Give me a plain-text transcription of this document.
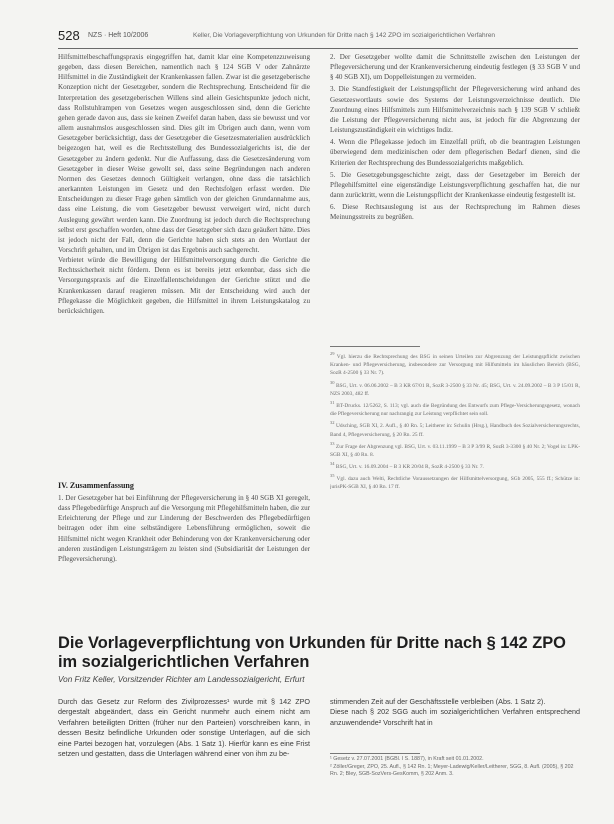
528 NZS · Heft 10/2006	Keller, Die Vorlageverpflichtung von Urkunden für Dritte nach § 142 ZPO im sozialgerichtlichen Verfahren

Hilfsmittelbeschaffungspraxis eingegriffen hat, damit klar eine Kompetenzzuweisung gegeben, dass diesen Bereichen, namentlich nach § 124 SGB V oder Zahnärzte Hilfsmittel in die Zuständigkeit der Krankenkassen fallen. Zwar ist die gesetzgeberische Konzeption nicht der Gesetzgeber, sondern die Rechtsprechung. Entscheidend für die Interpretation des gesetzgeberischen Willens sind allein Gesichtspunkte jedoch nicht, dass Rollstuhlrampen von Gesetzes wegen ausgeschlossen sind, denn die Gerichte gehen gerade davon aus, dass sie keinen Zweifel daran haben, dass sie bewusst und vor allem ausnahmslos ausgeschlossen sind. Dies gilt im Übrigen auch dann, wenn vom Gesetzgeber berücksichtigt, dass der Gesetzgeber die Gesetzesmaterialien ausdrücklich beigezogen hat, weil es die Rechtsstellung des Bundessozialgerichts ist, die der Gesetzgeber zu ändern gedenkt. Nur die Auffassung, dass die Gesetzesänderung vom Gesetzgeber in dieser Weise gewollt sei, dass seine Begründungen nach anderen Normen des Gesetzes dennoch Gültigkeit verlangen, ohne dass die tatsächlich anerkannten Leistungen im Gesetz und den Rechtsfolgen erfasst werden. Die Entscheidungen zu dieser Frage gehen sämtlich von der gleichen Grundannahme aus, dass eine Leistung, die vom Gesetzgeber bewusst verweigert wird, nicht durch Auslegung gewährt werden kann. Die Zuordnung ist jedoch durch die Rechtsprechung selbst erst geschaffen worden, ohne dass der Gesetzgeber sich dazu geäußert hätte. Dies ist jedoch nicht der Fall, denn die Gerichte haben sich stets an den Wortlaut der Vorschrift gehalten, und im Übrigen ist das Ergebnis auch sachgerecht.

Verbietet würde die Bewilligung der Hilfsmittelversorgung durch die Gerichte die Rechtssicherheit nicht fördern. Denn es ist bereits jetzt erkennbar, dass sich die Versorgungspraxis auf die Einzelfallentscheidungen der Gerichte stützt und die Krankenkassen darauf reagieren müssen. Mit der Entscheidung wird auch der Pflegekasse die Möglichkeit gegeben, die Hilfsmittel in ihrem Leistungskatalog zu berücksichtigen.

IV. Zusammenfassung

1. Der Gesetzgeber hat bei Einführung der Pflegeversicherung in § 40 SGB XI geregelt, dass Pflegebedürftige Anspruch auf die Versorgung mit Pflegehilfsmitteln haben, die zur Erleichterung der Pflege und zur Linderung der Beschwerden des Pflegebedürftigen beitragen oder ihm eine selbständigere Lebensführung ermöglichen, soweit die Hilfsmittel nicht wegen Krankheit oder Behinderung von der Krankenversicherung oder anderen zuständigen Leistungsträgern zu leisten sind (Subsidiarität der Leistungen der Pflegeversicherung).

2. Der Gesetzgeber wollte damit die Schnittstelle zwischen den Leistungen der Pflegeversicherung und der Krankenversicherung eindeutig festlegen (§ 33 SGB V und § 40 SGB XI), um Doppelleistungen zu vermeiden.

3. Die Standfestigkeit der Leistungspflicht der Pflegeversicherung wird anhand des Gesetzeswortlauts sowie des Systems der Leistungsverzeichnisse deutlich. Die Zuordnung eines Hilfsmittels zum Hilfsmittelverzeichnis nach § 139 SGB V schließt die Leistung der Pflegeversicherung nicht aus, ist jedoch für die Abgrenzung der Leistungszuständigkeit ein wichtiges Indiz.

4. Wenn die Pflegekasse jedoch im Einzelfall prüft, ob die beantragten Leistungen überwiegend dem medizinischen oder dem pflegerischen Bedarf dienen, sind die Kriterien der Rechtsprechung des Bundessozialgerichts maßgeblich.

5. Die Gesetzgebungsgeschichte zeigt, dass der Gesetzgeber im Bereich der Pflegehilfsmittel eine eigenständige Leistungsverpflichtung geschaffen hat, die nur dann zurücktritt, wenn die Leistungspflicht der Krankenkasse eindeutig festgestellt ist.

6. Diese Rechtsauslegung ist aus der Rechtsprechung im Rahmen dieses Meinungsstreits zu begrüßen.

$^{29}$ Vgl. hierzu die Rechtsprechung des BSG in seinen Urteilen zur Abgrenzung der Leistungspflicht zwischen Kranken- und Pflegeversicherung, insbesondere zur Versorgung mit Hilfsmitteln im häuslichen Bereich (BSG, SozR 4-2500 § 33 Nr. 7).

$^{30}$ BSG, Urt. v. 06.06.2002 – B 3 KR 67/01 R, SozR 3-2500 § 33 Nr. 45; BSG, Urt. v. 24.09.2002 – B 3 P 15/01 R, NZS 2003, 482 ff.

$^{31}$ BT-Drucks. 12/5262, S. 113; vgl. auch die Begründung des Entwurfs zum Pflege-Versicherungsgesetz, wonach die Pflegeversicherung nur nachrangig zur Leistung verpflichtet sein soll.

$^{32}$ Udsching, SGB XI, 2. Aufl., § 40 Rn. 5; Leitherer in: Schulin (Hrsg.), Handbuch des Sozialversicherungsrechts, Band 4, Pflegeversicherung, § 20 Rn. 25 ff.

$^{33}$ Zur Frage der Abgrenzung vgl. BSG, Urt. v. 03.11.1999 – B 3 P 3/99 R, SozR 3-3300 § 40 Nr. 2; Vogel in: LPK-SGB XI, § 40 Rn. 8.

$^{34}$ BSG, Urt. v. 16.09.2004 – B 3 KR 20/04 R, SozR 4-2500 § 33 Nr. 7.

$^{35}$ Vgl. dazu auch Welti, Rechtliche Voraussetzungen der Hilfsmittelversorgung, SGb 2005, 555 ff.; Schütze in: jurisPK-SGB XI, § 40 Rn. 17 ff.

Die Vorlageverpflichtung von Urkunden für Dritte nach § 142 ZPO im sozialgerichtlichen Verfahren
Von Fritz Keller, Vorsitzender Richter am Landessozialgericht, Erfurt

Durch das Gesetz zur Reform des Zivilprozesses¹ wurde mit § 142 ZPO dergestalt abgeändert, dass ein Gericht nunmehr auch einem nicht am Verfahren beteiligten Dritten (früher nur den Parteien) vorschreiben kann, in dessen Besitz befindliche Urkunden oder sonstige Unterlagen, auf die sich eine Partei bezogen hat, vorzulegen (Abs. 1 Satz 1). Hierfür kann es eine Frist setzen und gestatten, dass die Unterlagen während einer von ihm zu be-

stimmenden Zeit auf der Geschäftsstelle verbleiben (Abs. 1 Satz 2).
Diese nach § 202 SGG auch im sozialgerichtlichen Verfahren entsprechend anzuwendende² Vorschrift hat in

¹ Gesetz v. 27.07.2001 (BGBl. I S. 1887), in Kraft seit 01.01.2002.

² Zöller/Greger, ZPO, 25. Aufl., § 142 Rn. 1; Meyer-Ladewig/Keller/Leitherer, SGG, 8. Aufl. (2005), § 202 Rn. 2; Bley, SGB-SozVers-GesKomm, § 202 Anm. 3.
